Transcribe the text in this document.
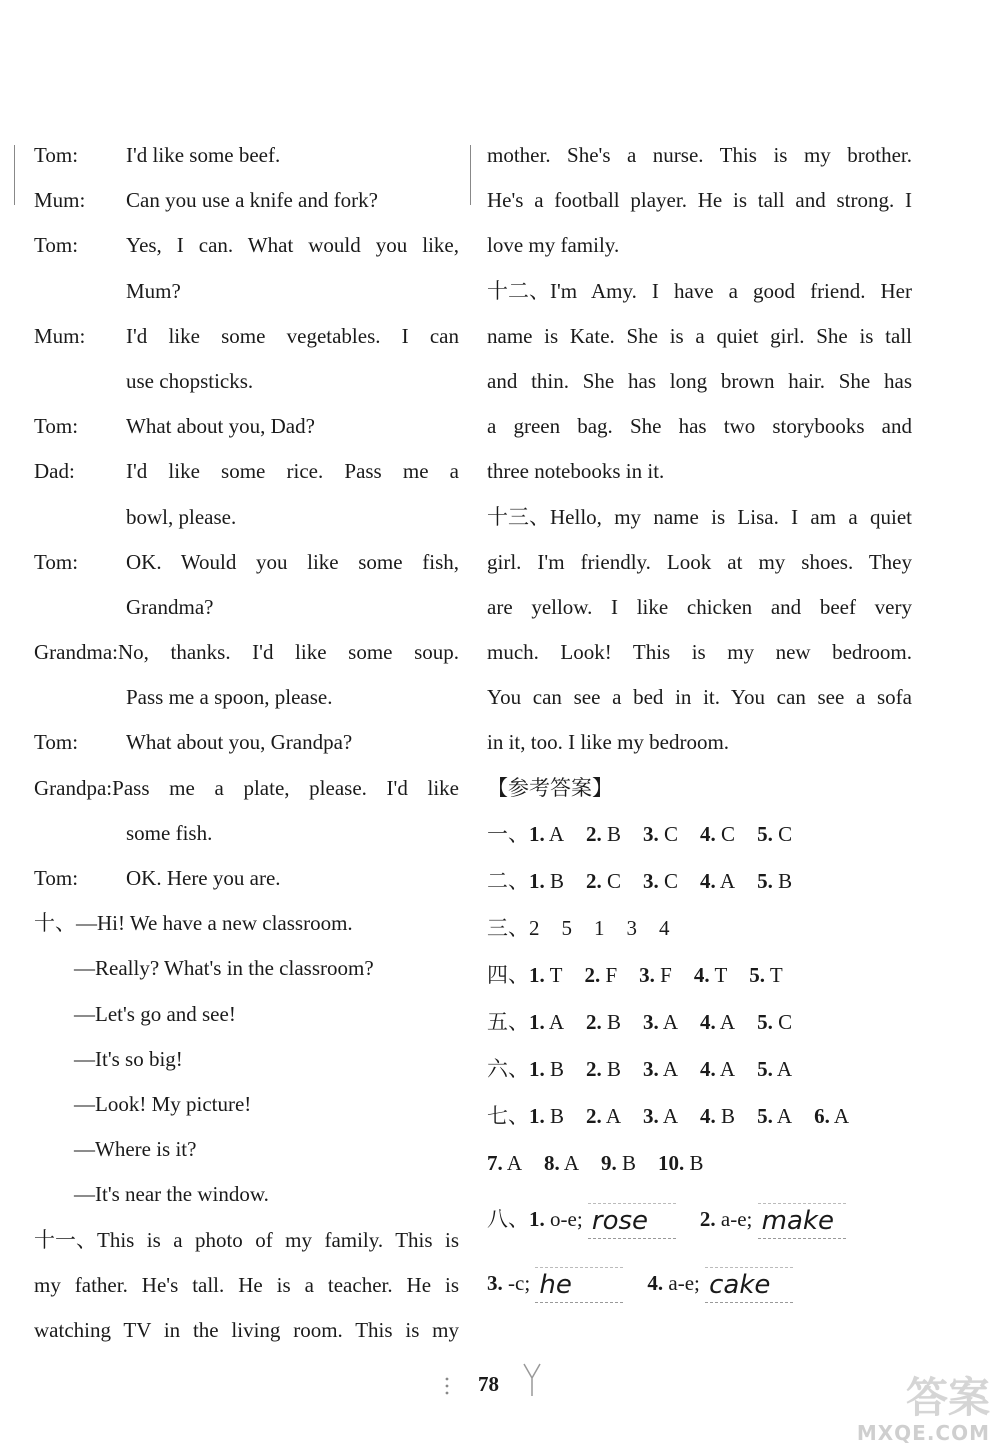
Tom:	I'd like some beef.
Mum:	Can you use a knife and fork?
Tom:	Yes, I can. What would you like,
Mum?
Mum:	I'd like some vegetables. I can
use chopsticks.
Tom:	What about you, Dad?
Dad:	I'd like some rice. Pass me a
bowl, please.
Tom:	OK. Would you like some fish,
Grandma?
Grandma: No, thanks. I'd like some soup.
Pass me a spoon, please.
Tom:	What about you, Grandpa?
Grandpa: Pass me a plate, please. I'd like
some fish.
Tom:	OK. Here you are.
十、—Hi! We have a new classroom.
—Really? What's in the classroom?
—Let's go and see!
—It's so big!
—Look! My picture!
—Where is it?
—It's near the window.
十一、 This is a photo of my family. This is
my father. He's tall. He is a teacher. He is
watching TV in the living room. This is my
mother. She's a nurse. This is my brother.
He's a football player. He is tall and strong. I
love my family.
十二、 I'm Amy. I have a good friend. Her
name is Kate. She is a quiet girl. She is tall
and thin. She has long brown hair. She has
a green bag. She has two storybooks and
three notebooks in it.
十三、 Hello, my name is Lisa. I am a quiet
girl. I'm friendly. Look at my shoes. They
are yellow. I like chicken and beef very
much. Look! This is my new bedroom.
You can see a bed in it. You can see a sofa
in it, too. I like my bedroom.
【参考答案】
一、1. A 2. B 3. C 4. C 5. C
二、1. B 2. C 3. C 4. A 5. B
三、2 5 1 3 4
四、1. T 2. F 3. F 4. T 5. T
五、1. A 2. B 3. A 4. A 5. C
六、1. B 2. B 3. A 4. A 5. A
七、1. B 2. A 3. A 4. B 5. A 6. A
7. A 8. A 9. B 10. B
八、1. o-e; rose 2. a-e; make
3. -c; he	4. a-e; cake
78	答案
MXQE.COM
